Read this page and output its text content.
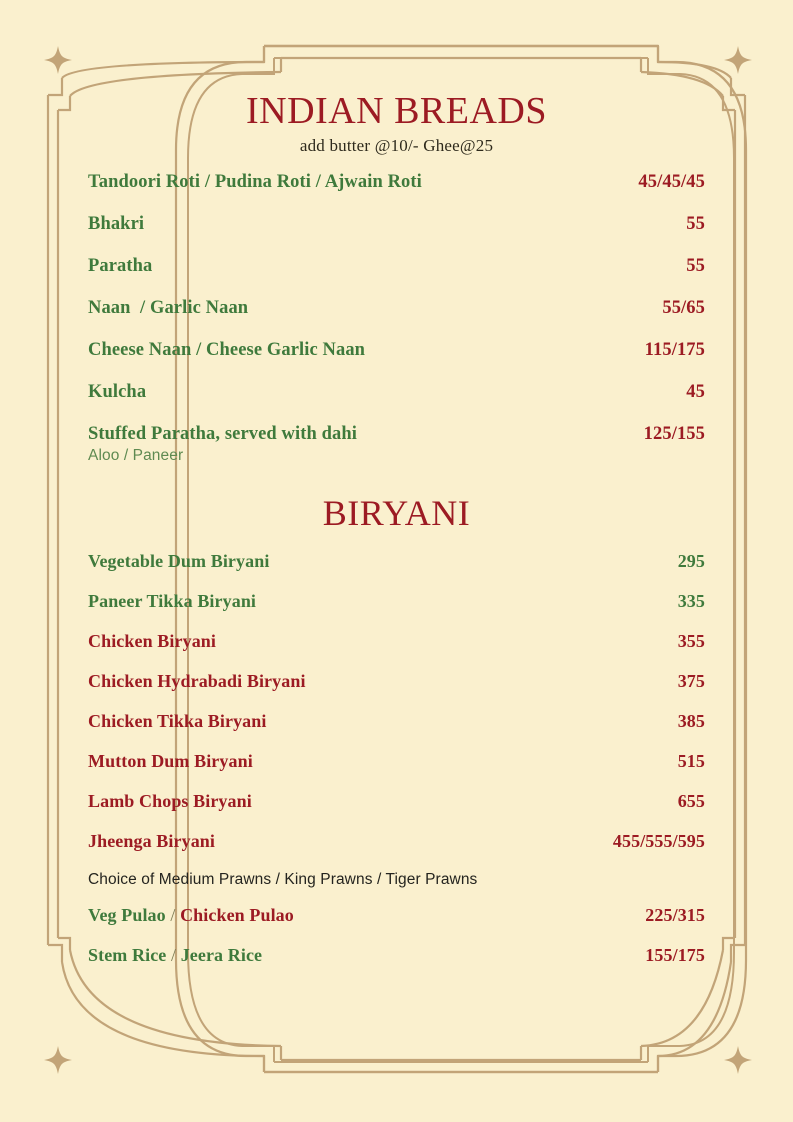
INDIAN BREADS
add butter @10/- Ghee@25
Tandoori Roti / Pudina Roti / Ajwain Roti	45/45/45
Bhakri	55
Paratha	55
Naan  / Garlic Naan	55/65
Cheese Naan / Cheese Garlic Naan	115/175
Kulcha	45
Stuffed Paratha, served with dahi	125/155
Aloo / Paneer
BIRYANI
Vegetable Dum Biryani	295
Paneer Tikka Biryani	335
Chicken Biryani	355
Chicken Hydrabadi Biryani	375
Chicken Tikka Biryani	385
Mutton Dum Biryani	515
Lamb Chops Biryani	655
Jheenga Biryani	455/555/595
Choice of Medium Prawns / King Prawns / Tiger Prawns
Veg Pulao / Chicken Pulao	225/315
Stem Rice / Jeera Rice	155/175
